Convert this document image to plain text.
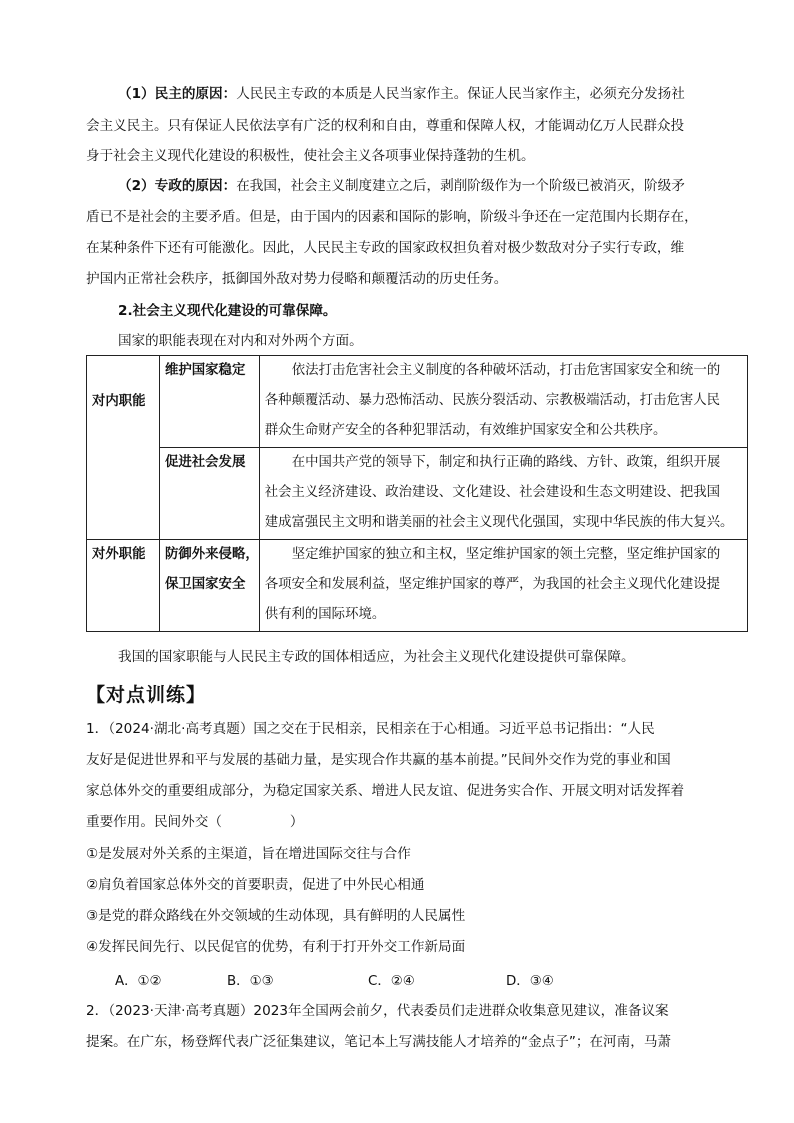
（1）民主的原因：人民民主专政的本质是人民当家作主。保证人民当家作主，必须充分发扬社
会主义民主。只有保证人民依法享有广泛的权利和自由，尊重和保障人权，才能调动亿万人民群众投
身于社会主义现代化建设的积极性，使社会主义各项事业保持蓬勃的生机。
（2）专政的原因：在我国，社会主义制度建立之后，剥削阶级作为一个阶级已被消灭，阶级矛
盾已不是社会的主要矛盾。但是，由于国内的因素和国际的影响，阶级斗争还在一定范围内长期存在，
在某种条件下还有可能激化。因此，人民民主专政的国家政权担负着对极少数敌对分子实行专政，维
护国内正常社会秩序，抵御国外敌对势力侵略和颠覆活动的历史任务。
2.社会主义现代化建设的可靠保障。
国家的职能表现在对内和对外两个方面。
对内职能	维护国家稳定	依法打击危害社会主义制度的各种破坏活动，打击危害国家安全和统一的
各种颠覆活动、暴力恐怖活动、民族分裂活动、宗教极端活动，打击危害人民
群众生命财产安全的各种犯罪活动，有效维护国家安全和公共秩序。

	促进社会发展	在中国共产党的领导下，制定和执行正确的路线、方针、政策，组织开展
社会主义经济建设、政治建设、文化建设、社会建设和生态文明建设、把我国
建成富强民主文明和谐美丽的社会主义现代化强国，实现中华民族的伟大复兴。

对外职能	防御外来侵略，
保卫国家安全	坚定维护国家的独立和主权，坚定维护国家的领土完整，坚定维护国家的
各项安全和发展利益，坚定维护国家的尊严，为我国的社会主义现代化建设提
供有利的国际环境。
我国的国家职能与人民民主专政的国体相适应，为社会主义现代化建设提供可靠保障。
【对点训练】
1．（2024·湖北·高考真题）国之交在于民相亲，民相亲在于心相通。习近平总书记指出：“人民
友好是促进世界和平与发展的基础力量，是实现合作共赢的基本前提。”民间外交作为党的事业和国
家总体外交的重要组成部分，为稳定国家关系、增进人民友谊、促进务实合作、开展文明对话发挥着
重要作用。民间外交（　　　　　）
①是发展对外关系的主渠道，旨在增进国际交往与合作
②肩负着国家总体外交的首要职责，促进了中外民心相通
③是党的群众路线在外交领域的生动体现，具有鲜明的人民属性
④发挥民间先行、以民促官的优势，有利于打开外交工作新局面
A．①②	B．①③	C．②④	D．③④
2．（2023·天津·高考真题）2023年全国两会前夕，代表委员们走进群众收集意见建议，准备议案
提案。在广东，杨登辉代表广泛征集建议，笔记本上写满技能人才培养的“金点子”；在河南，马萧
